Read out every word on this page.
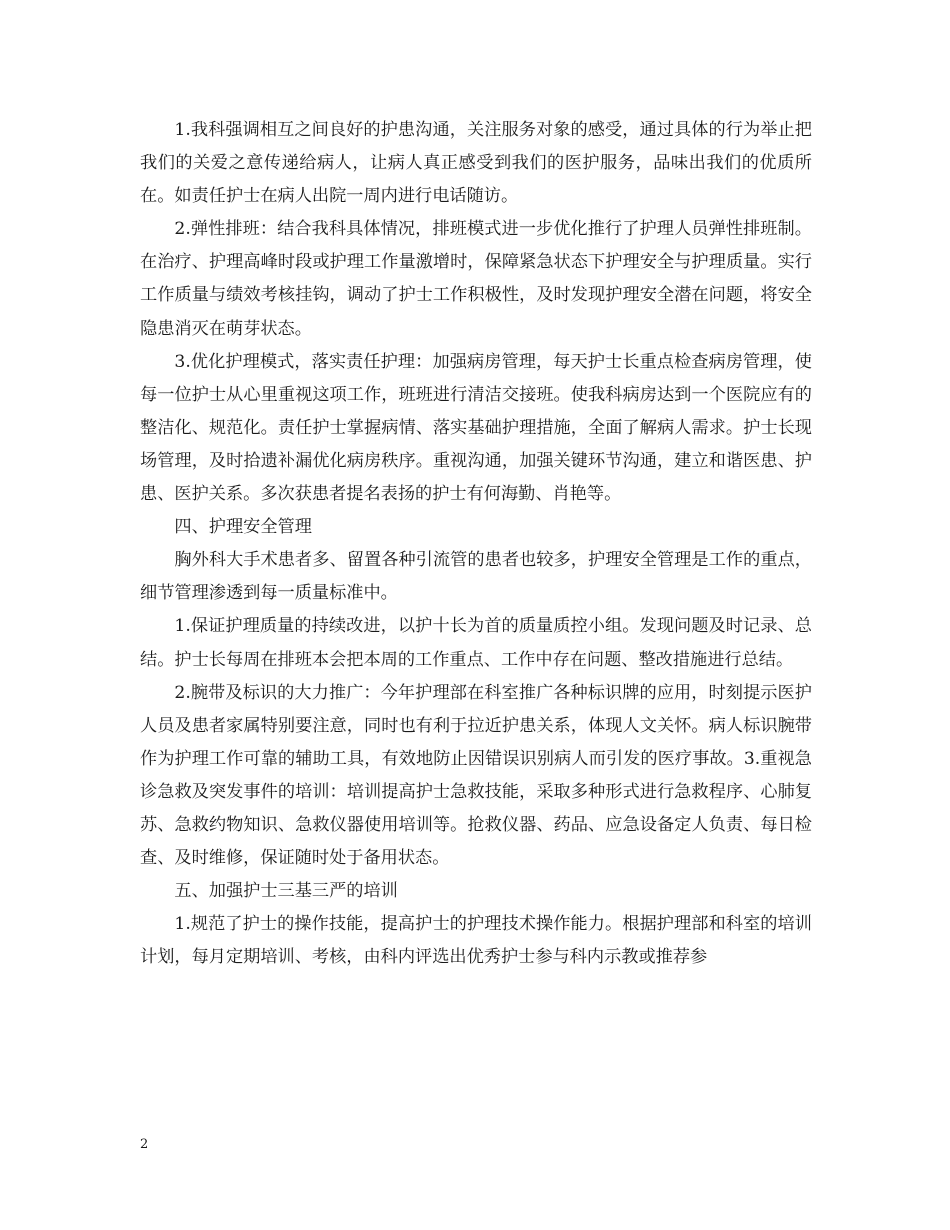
1.我科强调相互之间良好的护患沟通，关注服务对象的感受，通过具体的行为举止把我们的关爱之意传递给病人，让病人真正感受到我们的医护服务，品味出我们的优质所在。如责任护士在病人出院一周内进行电话随访。

2.弹性排班：结合我科具体情况，排班模式进一步优化推行了护理人员弹性排班制。在治疗、护理高峰时段或护理工作量激增时，保障紧急状态下护理安全与护理质量。实行工作质量与绩效考核挂钩，调动了护士工作积极性，及时发现护理安全潜在问题，将安全隐患消灭在萌芽状态。

3.优化护理模式，落实责任护理：加强病房管理，每天护士长重点检查病房管理，使每一位护士从心里重视这项工作，班班进行清洁交接班。使我科病房达到一个医院应有的整洁化、规范化。责任护士掌握病情、落实基础护理措施，全面了解病人需求。护士长现场管理，及时拾遗补漏优化病房秩序。重视沟通，加强关键环节沟通，建立和谐医患、护患、医护关系。多次获患者提名表扬的护士有何海勤、肖艳等。

四、护理安全管理

胸外科大手术患者多、留置各种引流管的患者也较多，护理安全管理是工作的重点，细节管理渗透到每一质量标准中。

1.保证护理质量的持续改进，以护十长为首的质量质控小组。发现问题及时记录、总结。护士长每周在排班本会把本周的工作重点、工作中存在问题、整改措施进行总结。

2.腕带及标识的大力推广：今年护理部在科室推广各种标识牌的应用，时刻提示医护人员及患者家属特别要注意，同时也有利于拉近护患关系，体现人文关怀。病人标识腕带作为护理工作可靠的辅助工具，有效地防止因错误识别病人而引发的医疗事故。3.重视急诊急救及突发事件的培训：培训提高护士急救技能，采取多种形式进行急救程序、心肺复苏、急救约物知识、急救仪器使用培训等。抢救仪器、药品、应急设备定人负责、每日检查、及时维修，保证随时处于备用状态。

五、加强护士三基三严的培训

1.规范了护士的操作技能，提高护士的护理技术操作能力。根据护理部和科室的培训计划，每月定期培训、考核，由科内评选出优秀护士参与科内示教或推荐参

2
